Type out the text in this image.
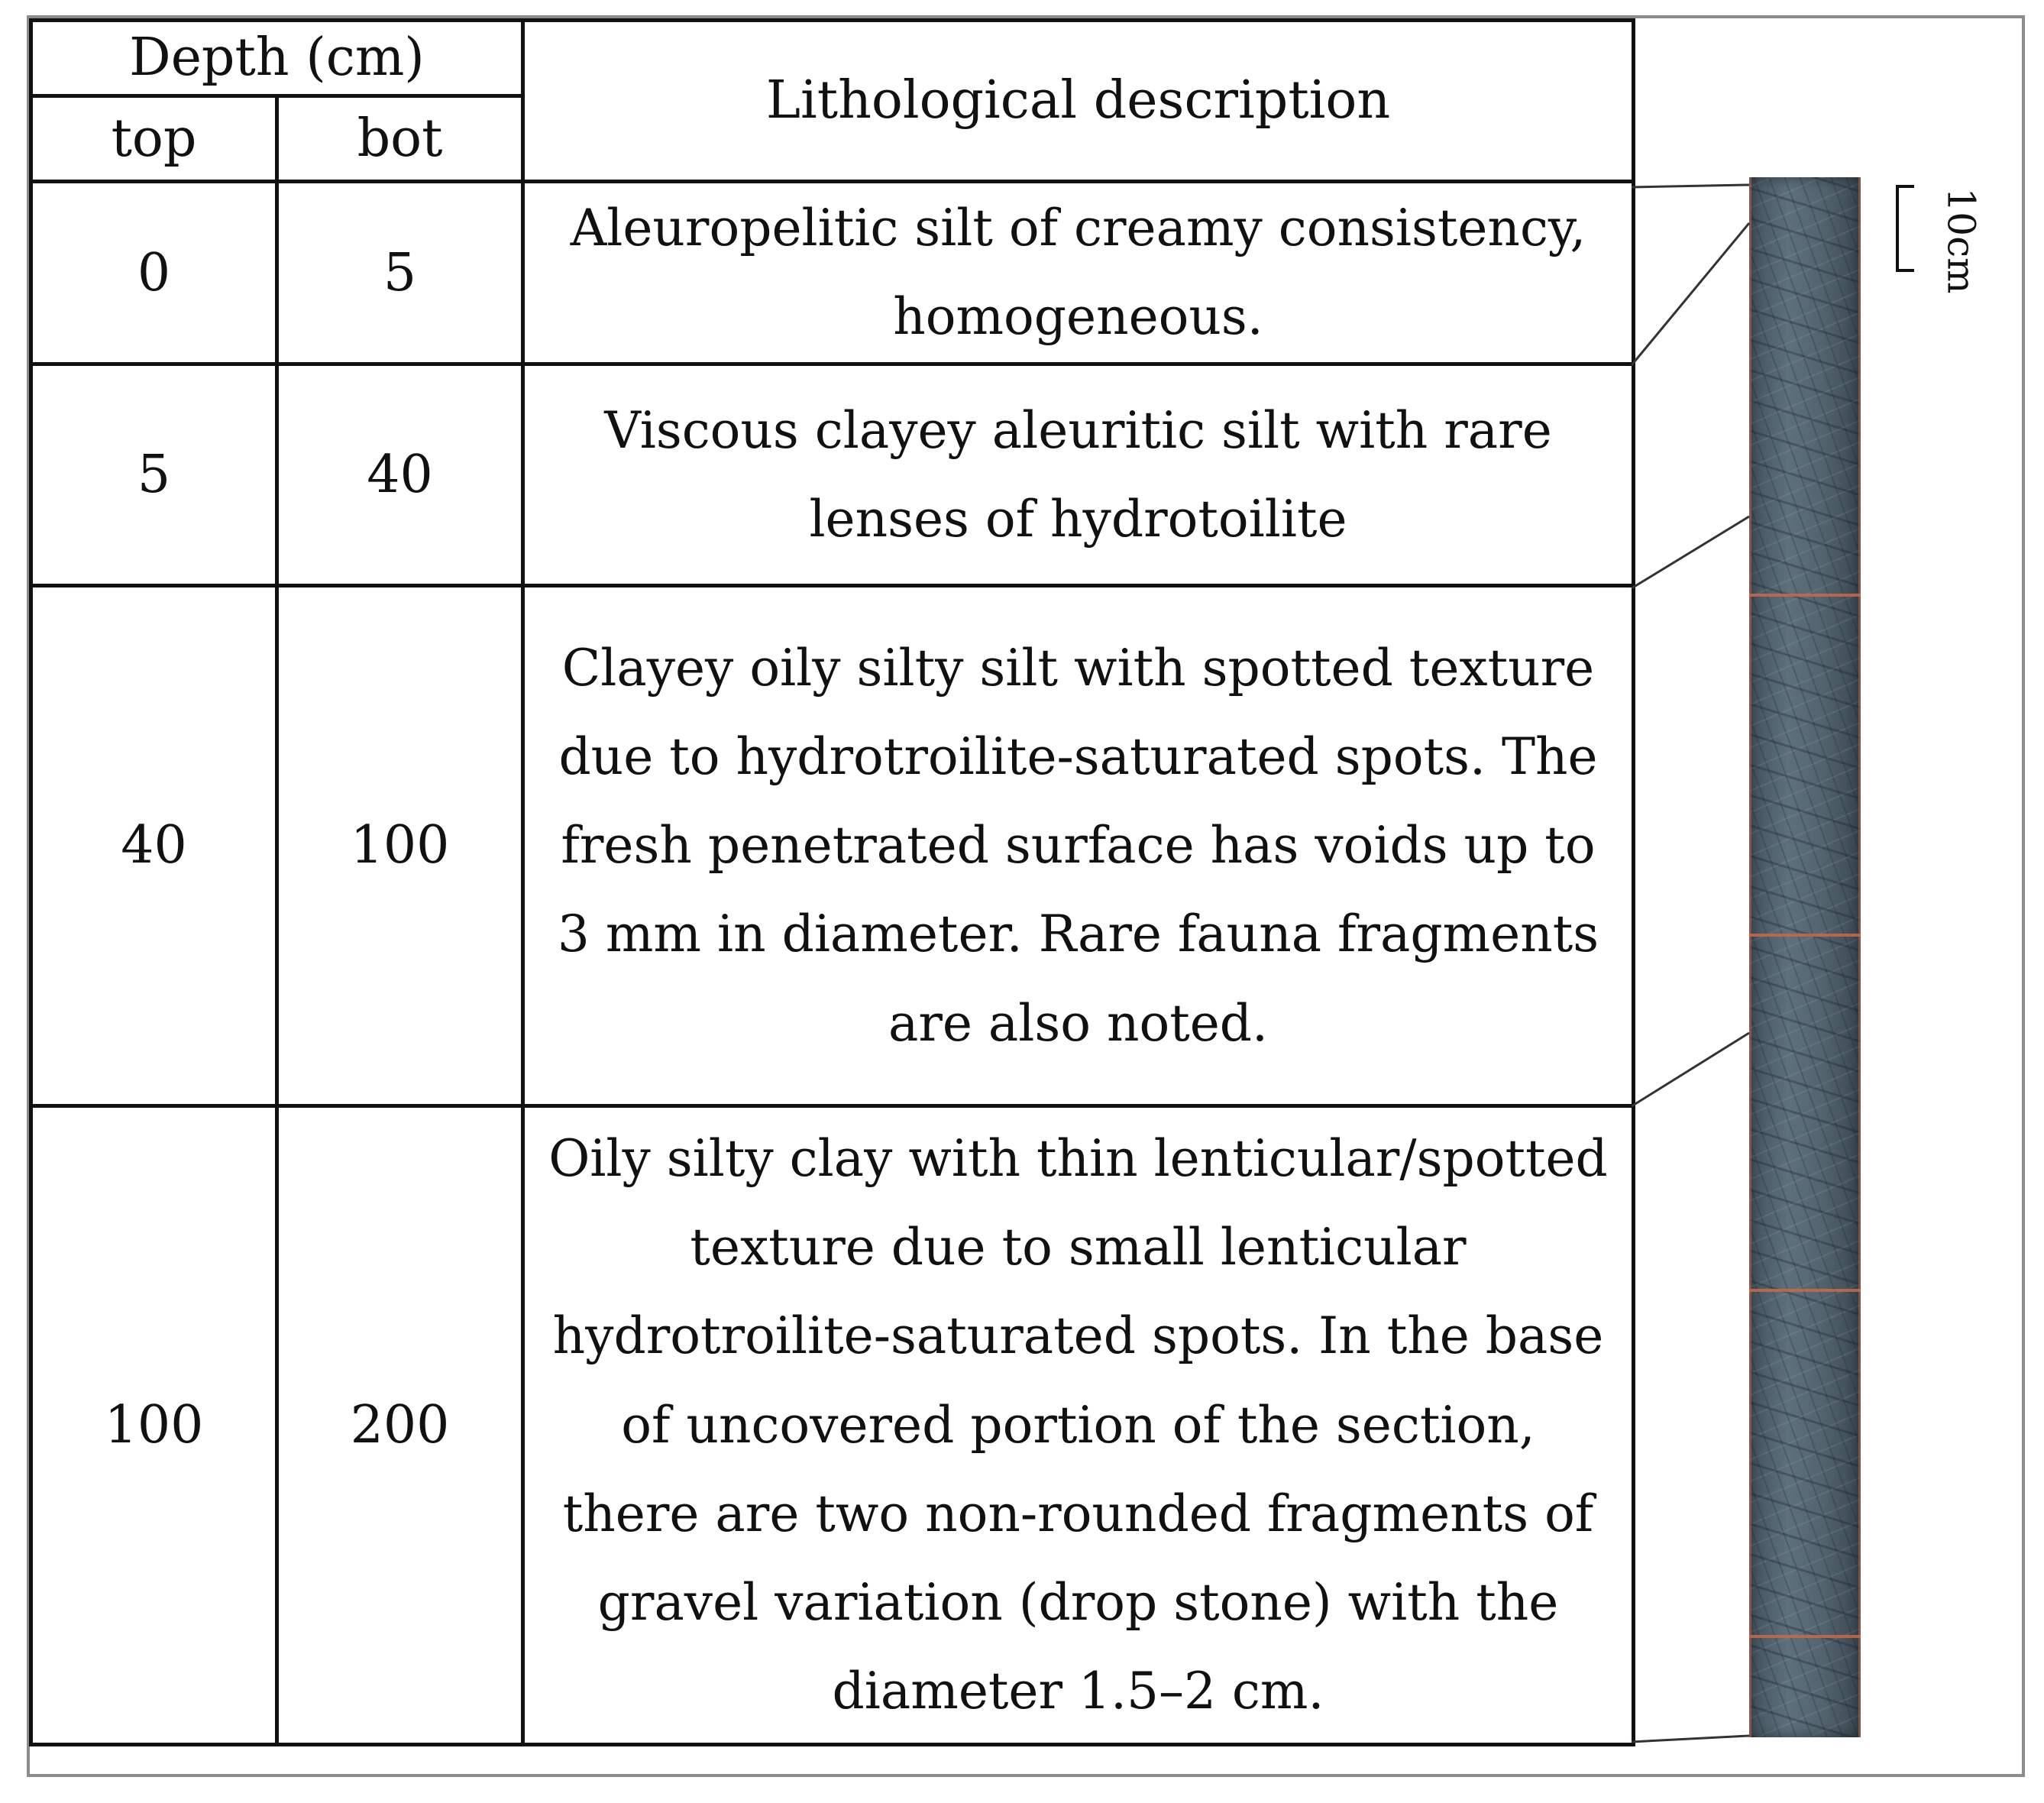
Depth (cm)		Lithological description
top	bot	
0	5	Aleuropelitic silt of creamy consistency, homogeneous.
5	40	Viscous clayey aleuritic silt with rare lenses of hydrotoilite
40	100	Clayey oily silty silt with spotted texture due to hydrotroilite-saturated spots. The fresh penetrated surface has voids up to 3 mm in diameter. Rare fauna fragments are also noted.
100	200	Oily silty clay with thin lenticular/spotted texture due to small lenticular hydrotroilite-saturated spots. In the base of uncovered portion of the section, there are two non-rounded fragments of gravel variation (drop stone) with the diameter 1.5–2 cm.
10cm
